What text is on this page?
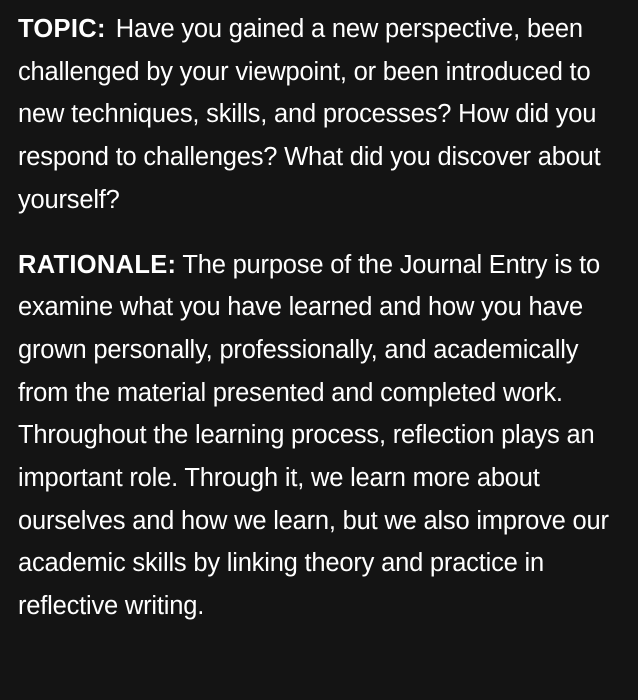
TOPIC: Have you gained a new perspective, been challenged by your viewpoint, or been introduced to new techniques, skills, and processes? How did you respond to challenges? What did you discover about yourself?

RATIONALE: The purpose of the Journal Entry is to examine what you have learned and how you have grown personally, professionally, and academically from the material presented and completed work. Throughout the learning process, reflection plays an important role. Through it, we learn more about ourselves and how we learn, but we also improve our academic skills by linking theory and practice in reflective writing.
